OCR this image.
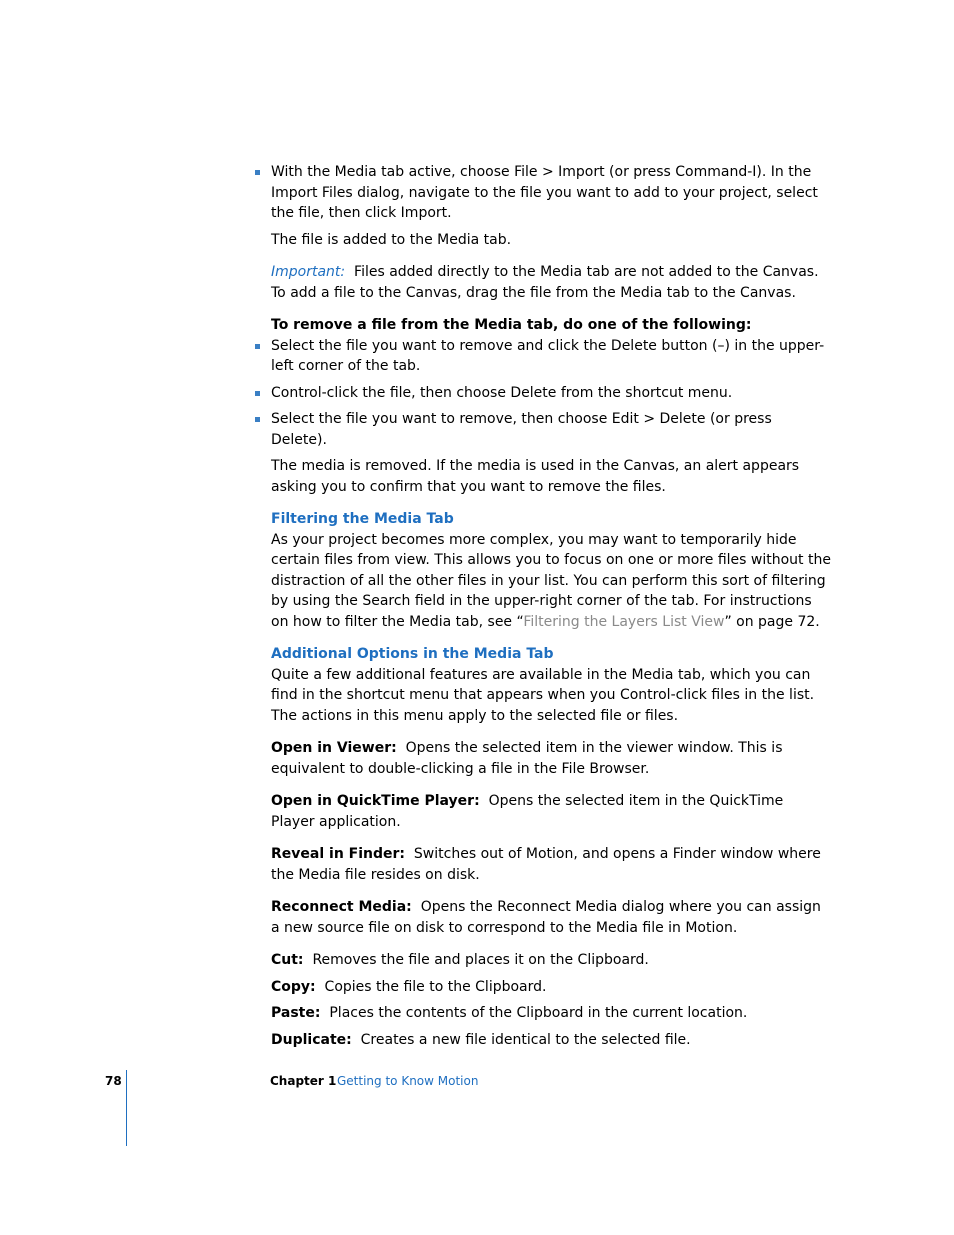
With the Media tab active, choose File > Import (or press Command-I). In the Import Files dialog, navigate to the file you want to add to your project, select the file, then click Import.

The file is added to the Media tab.

Important: Files added directly to the Media tab are not added to the Canvas. To add a file to the Canvas, drag the file from the Media tab to the Canvas.

To remove a file from the Media tab, do one of the following:

Select the file you want to remove and click the Delete button (–) in the upper-left corner of the tab.

Control-click the file, then choose Delete from the shortcut menu.

Select the file you want to remove, then choose Edit > Delete (or press Delete).

The media is removed. If the media is used in the Canvas, an alert appears asking you to confirm that you want to remove the files.

Filtering the Media Tab

As your project becomes more complex, you may want to temporarily hide certain files from view. This allows you to focus on one or more files without the distraction of all the other files in your list. You can perform this sort of filtering by using the Search field in the upper-right corner of the tab. For instructions on how to filter the Media tab, see “Filtering the Layers List View” on page 72.

Additional Options in the Media Tab

Quite a few additional features are available in the Media tab, which you can find in the shortcut menu that appears when you Control-click files in the list. The actions in this menu apply to the selected file or files.

Open in Viewer: Opens the selected item in the viewer window. This is equivalent to double-clicking a file in the File Browser.

Open in QuickTime Player: Opens the selected item in the QuickTime Player application.

Reveal in Finder: Switches out of Motion, and opens a Finder window where the Media file resides on disk.

Reconnect Media: Opens the Reconnect Media dialog where you can assign a new source file on disk to correspond to the Media file in Motion.

Cut: Removes the file and places it on the Clipboard.

Copy: Copies the file to the Clipboard.

Paste: Places the contents of the Clipboard in the current location.

Duplicate: Creates a new file identical to the selected file.

78	Chapter 1 Getting to Know Motion
